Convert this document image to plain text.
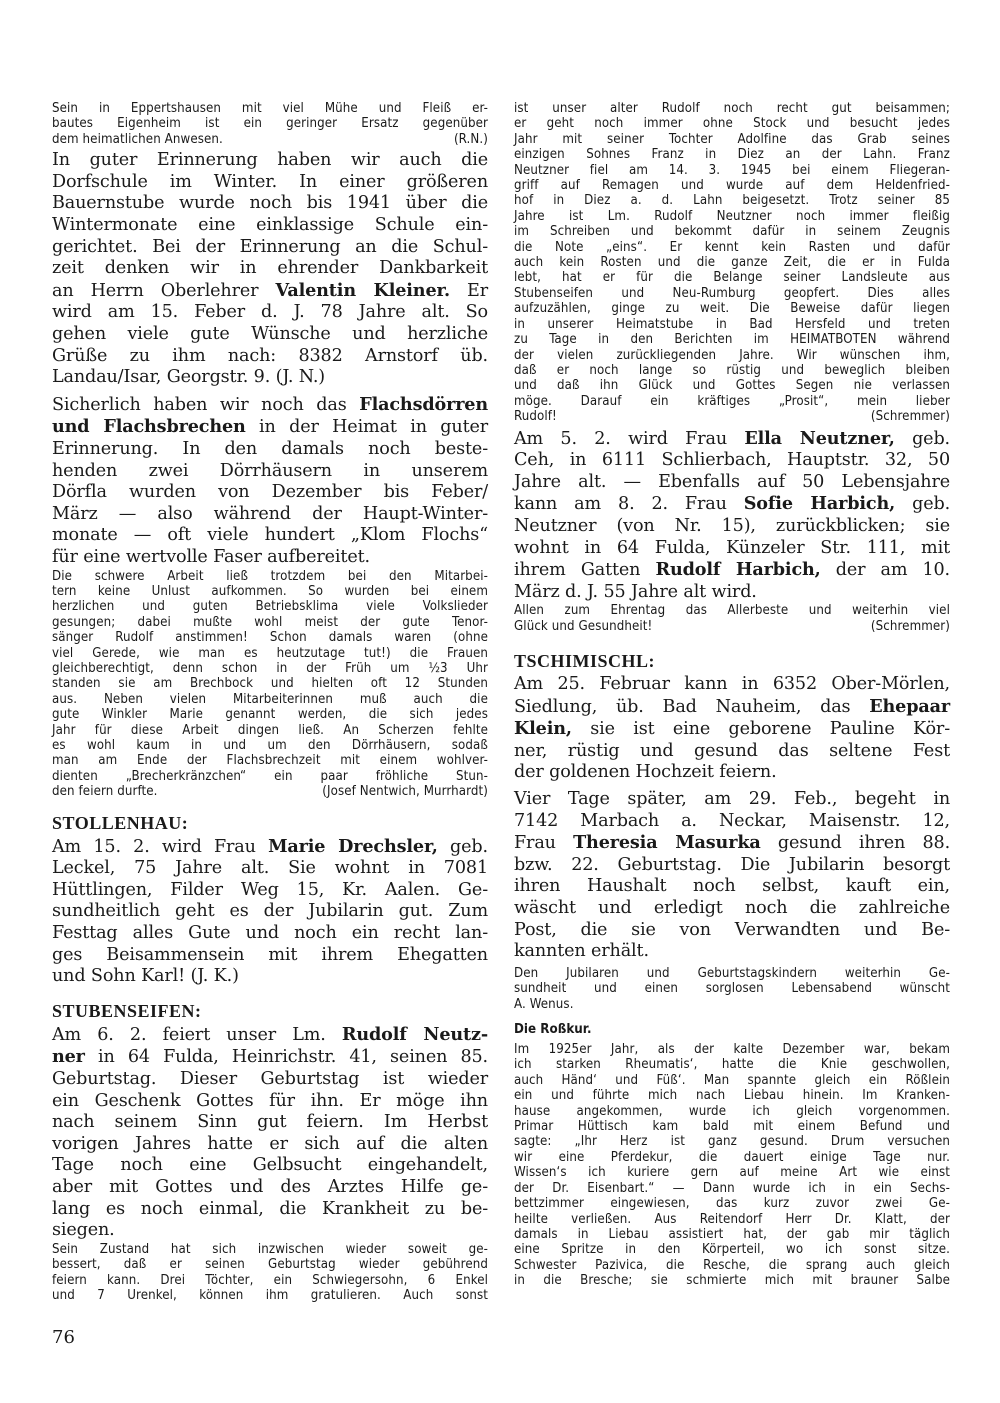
Sein in Eppertshausen mit viel Mühe und Fleiß er-
bautes Eigenheim ist ein geringer Ersatz gegenüber
dem heimatlichen Anwesen.	(R.N.)
In guter Erinnerung haben wir auch die
Dorfschule im Winter. In einer größeren
Bauernstube wurde noch bis 1941 über die
Wintermonate eine einklassige Schule ein-
gerichtet. Bei der Erinnerung an die Schul-
zeit denken wir in ehrender Dankbarkeit
an Herrn Oberlehrer Valentin Kleiner. Er
wird am 15. Feber d. J. 78 Jahre alt. So
gehen viele gute Wünsche und herzliche
Grüße zu ihm nach: 8382 Arnstorf üb.
Landau/Isar, Georgstr. 9. (J. N.)
Sicherlich haben wir noch das Flachsdörren
und Flachsbrechen in der Heimat in guter
Erinnerung. In den damals noch beste-
henden zwei Dörrhäusern in unserem
Dörfla wurden von Dezember bis Feber/
März — also während der Haupt-Winter-
monate — oft viele hundert „Klom Flochs“
für eine wertvolle Faser aufbereitet.
Die schwere Arbeit ließ trotzdem bei den Mitarbei-
tern keine Unlust aufkommen. So wurden bei einem
herzlichen und guten Betriebsklima viele Volkslieder
gesungen; dabei mußte wohl meist der gute Tenor-
sänger Rudolf anstimmen! Schon damals waren (ohne
viel Gerede, wie man es heutzutage tut!) die Frauen
gleichberechtigt, denn schon in der Früh um ½3 Uhr
standen sie am Brechbock und hielten oft 12 Stunden
aus. Neben vielen Mitarbeiterinnen muß auch die
gute Winkler Marie genannt werden, die sich jedes
Jahr für diese Arbeit dingen ließ. An Scherzen fehlte
es wohl kaum in und um den Dörrhäusern, sodaß
man am Ende der Flachsbrechzeit mit einem wohlver-
dienten „Brecherkränzchen“ ein paar fröhliche Stun-
den feiern durfte.	(Josef Nentwich, Murrhardt)
STOLLENHAU:
Am 15. 2. wird Frau Marie Drechsler, geb.
Leckel, 75 Jahre alt. Sie wohnt in 7081
Hüttlingen, Filder Weg 15, Kr. Aalen. Ge-
sundheitlich geht es der Jubilarin gut. Zum
Festtag alles Gute und noch ein recht lan-
ges Beisammensein mit ihrem Ehegatten
und Sohn Karl! (J. K.)
STUBENSEIFEN:
Am 6. 2. feiert unser Lm. Rudolf Neutz-
ner in 64 Fulda, Heinrichstr. 41, seinen 85.
Geburtstag. Dieser Geburtstag ist wieder
ein Geschenk Gottes für ihn. Er möge ihn
nach seinem Sinn gut feiern. Im Herbst
vorigen Jahres hatte er sich auf die alten
Tage noch eine Gelbsucht eingehandelt,
aber mit Gottes und des Arztes Hilfe ge-
lang es noch einmal, die Krankheit zu be-
siegen.
Sein Zustand hat sich inzwischen wieder soweit ge-
bessert, daß er seinen Geburtstag wieder gebührend
feiern kann. Drei Töchter, ein Schwiegersohn, 6 Enkel
und 7 Urenkel, können ihm gratulieren. Auch sonst
ist unser alter Rudolf noch recht gut beisammen;
er geht noch immer ohne Stock und besucht jedes
Jahr mit seiner Tochter Adolfine das Grab seines
einzigen Sohnes Franz in Diez an der Lahn. Franz
Neutzner fiel am 14. 3. 1945 bei einem Fliegeran-
griff auf Remagen und wurde auf dem Heldenfried-
hof in Diez a. d. Lahn beigesetzt. Trotz seiner 85
Jahre ist Lm. Rudolf Neutzner noch immer fleißig
im Schreiben und bekommt dafür in seinem Zeugnis
die Note „eins“. Er kennt kein Rasten und dafür
auch kein Rosten und die ganze Zeit, die er in Fulda
lebt, hat er für die Belange seiner Landsleute aus
Stubenseifen und Neu-Rumburg geopfert. Dies alles
aufzuzählen, ginge zu weit. Die Beweise dafür liegen
in unserer Heimatstube in Bad Hersfeld und treten
zu Tage in den Berichten im HEIMATBOTEN während
der vielen zurückliegenden Jahre. Wir wünschen ihm,
daß er noch lange so rüstig und beweglich bleiben
und daß ihn Glück und Gottes Segen nie verlassen
möge. Darauf ein kräftiges „Prosit“, mein lieber
Rudolf!	(Schremmer)
Am 5. 2. wird Frau Ella Neutzner, geb.
Ceh, in 6111 Schlierbach, Hauptstr. 32, 50
Jahre alt. — Ebenfalls auf 50 Lebensjahre
kann am 8. 2. Frau Sofie Harbich, geb.
Neutzner (von Nr. 15), zurückblicken; sie
wohnt in 64 Fulda, Künzeler Str. 111, mit
ihrem Gatten Rudolf Harbich, der am 10.
März d. J. 55 Jahre alt wird.
Allen zum Ehrentag das Allerbeste und weiterhin viel
Glück und Gesundheit!	(Schremmer)
TSCHIMISCHL:
Am 25. Februar kann in 6352 Ober-Mörlen,
Siedlung, üb. Bad Nauheim, das Ehepaar
Klein, sie ist eine geborene Pauline Kör-
ner, rüstig und gesund das seltene Fest
der goldenen Hochzeit feiern.
Vier Tage später, am 29. Feb., begeht in
7142 Marbach a. Neckar, Maisenstr. 12,
Frau Theresia Masurka gesund ihren 88.
bzw. 22. Geburtstag. Die Jubilarin besorgt
ihren Haushalt noch selbst, kauft ein,
wäscht und erledigt noch die zahlreiche
Post, die sie von Verwandten und Be-
kannten erhält.
Den Jubilaren und Geburtstagskindern weiterhin Ge-
sundheit und einen sorglosen Lebensabend wünscht
A. Wenus.
Die Roßkur.
Im 1925er Jahr, als der kalte Dezember war, bekam
ich starken Rheumatis‘, hatte die Knie geschwollen,
auch Händ‘ und Füß‘. Man spannte gleich ein Rößlein
ein und führte mich nach Liebau hinein. Im Kranken-
hause angekommen, wurde ich gleich vorgenommen.
Primar Hüttisch kam bald mit einem Befund und
sagte: „Ihr Herz ist ganz gesund. Drum versuchen
wir eine Pferdekur, die dauert einige Tage nur.
Wissen‘s ich kuriere gern auf meine Art wie einst
der Dr. Eisenbart.“ — Dann wurde ich in ein Sechs-
bettzimmer eingewiesen, das kurz zuvor zwei Ge-
heilte verließen. Aus Reitendorf Herr Dr. Klatt, der
damals in Liebau assistiert hat, der gab mir täglich
eine Spritze in den Körperteil, wo ich sonst sitze.
Schwester Pazivica, die Resche, die sprang auch gleich
in die Bresche; sie schmierte mich mit brauner Salbe
76
